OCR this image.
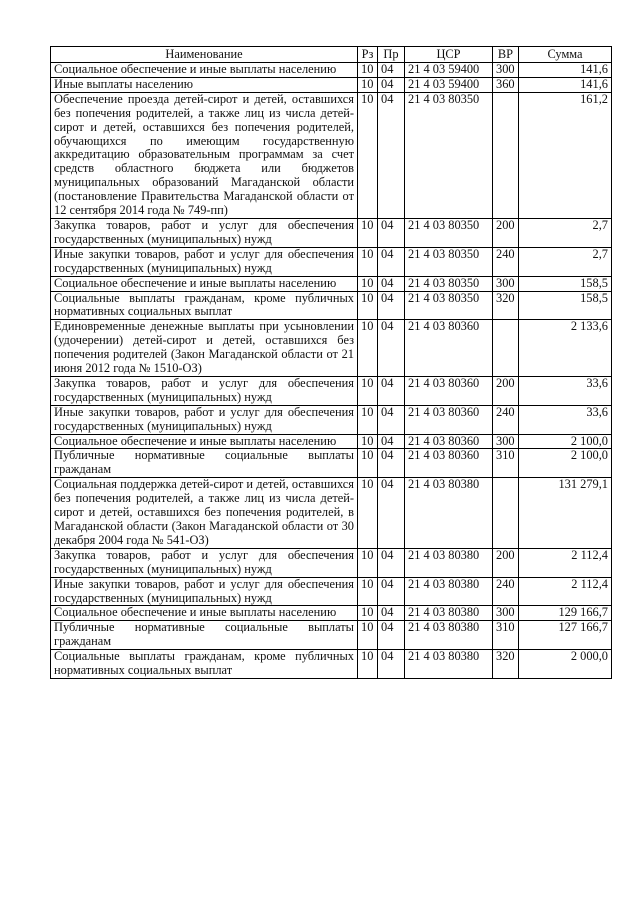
Наименование	Рз	Пр	ЦСР	ВР	Сумма
Социальное обеспечение и иные выплаты населению	10	04	21 4 03 59400	300	141,6
Иные выплаты населению	10	04	21 4 03 59400	360	141,6
Обеспечение проезда детей-сирот и детей, оставшихся без попечения родителей, а также лиц из числа детей-сирот и детей, оставшихся без попечения родителей, обучающихся по имеющим государственную аккредитацию образовательным программам за счет средств областного бюджета или бюджетов муниципальных образований Магаданской области (постановление Правительства Магаданской области от 12 сентября 2014 года № 749-пп)	10	04	21 4 03 80350		161,2
Закупка товаров, работ и услуг для обеспечения государственных (муниципальных) нужд	10	04	21 4 03 80350	200	2,7
Иные закупки товаров, работ и услуг для обеспечения государственных (муниципальных) нужд	10	04	21 4 03 80350	240	2,7
Социальное обеспечение и иные выплаты населению	10	04	21 4 03 80350	300	158,5
Социальные выплаты гражданам, кроме публичных нормативных социальных выплат	10	04	21 4 03 80350	320	158,5
Единовременные денежные выплаты при усыновлении (удочерении) детей-сирот и детей, оставшихся без попечения родителей (Закон Магаданской области от 21 июня 2012 года № 1510-ОЗ)	10	04	21 4 03 80360		2 133,6
Закупка товаров, работ и услуг для обеспечения государственных (муниципальных) нужд	10	04	21 4 03 80360	200	33,6
Иные закупки товаров, работ и услуг для обеспечения государственных (муниципальных) нужд	10	04	21 4 03 80360	240	33,6
Социальное обеспечение и иные выплаты населению	10	04	21 4 03 80360	300	2 100,0
Публичные нормативные социальные выплаты гражданам	10	04	21 4 03 80360	310	2 100,0
Социальная поддержка детей-сирот и детей, оставшихся без попечения родителей, а также лиц из числа детей-сирот и детей, оставшихся без попечения родителей, в Магаданской области (Закон Магаданской области от 30 декабря 2004 года № 541-ОЗ)	10	04	21 4 03 80380		131 279,1
Закупка товаров, работ и услуг для обеспечения государственных (муниципальных) нужд	10	04	21 4 03 80380	200	2 112,4
Иные закупки товаров, работ и услуг для обеспечения государственных (муниципальных) нужд	10	04	21 4 03 80380	240	2 112,4
Социальное обеспечение и иные выплаты населению	10	04	21 4 03 80380	300	129 166,7
Публичные нормативные социальные выплаты гражданам	10	04	21 4 03 80380	310	127 166,7
Социальные выплаты гражданам, кроме публичных нормативных социальных выплат	10	04	21 4 03 80380	320	2 000,0
